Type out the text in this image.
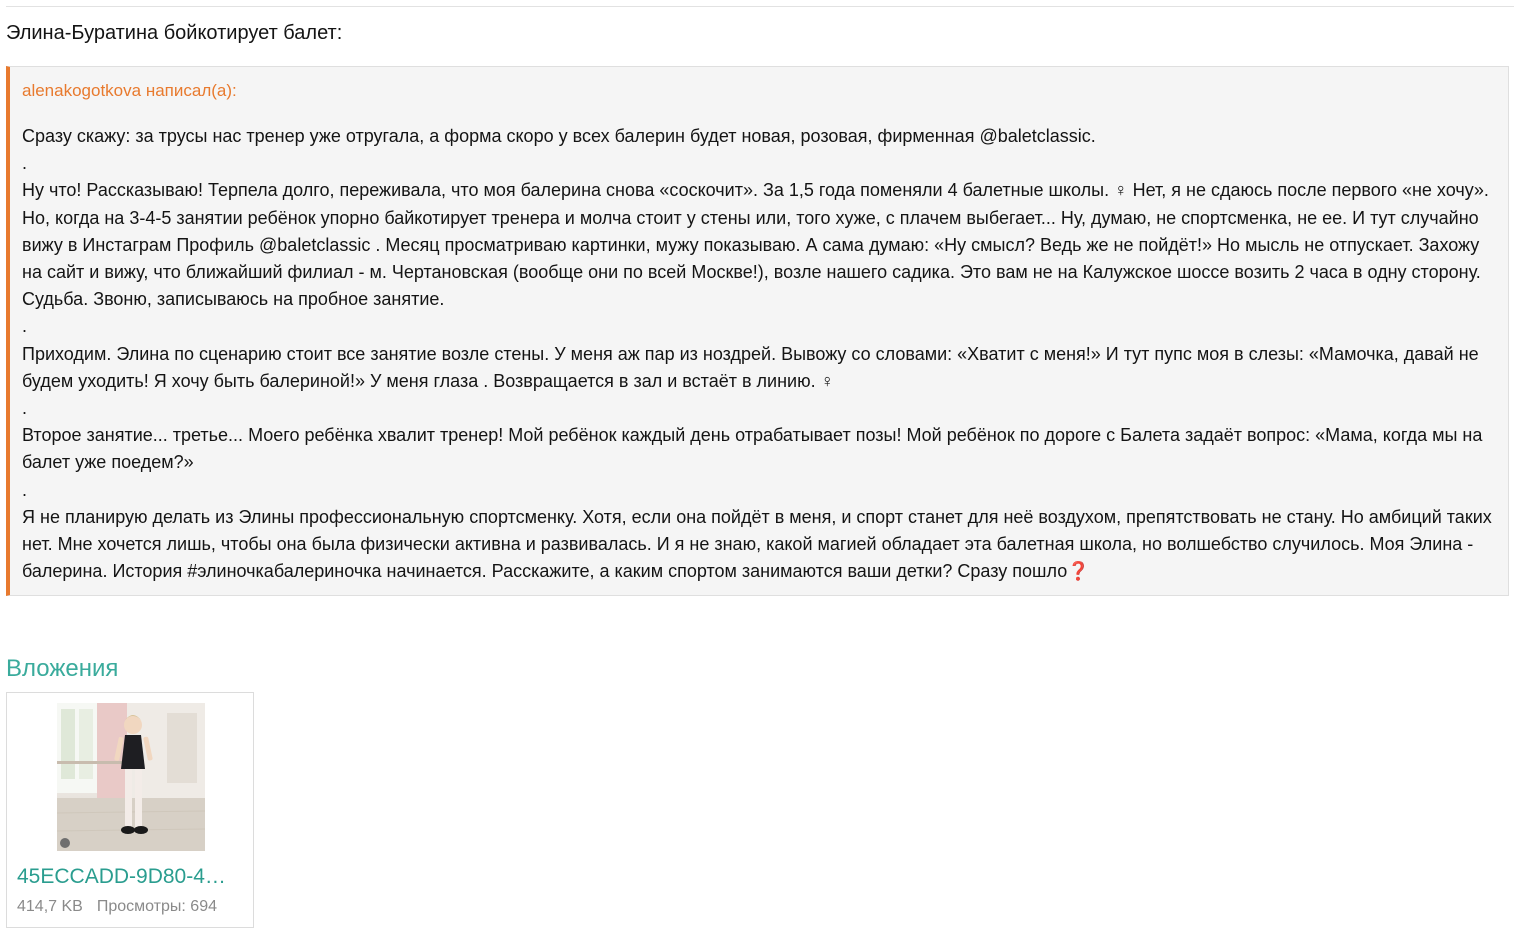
Элина-Буратина бойкотирует балет:
alenakogotkova написал(а):

Сразу скажу: за трусы нас тренер уже отругала, а форма скоро у всех балерин будет новая, розовая, фирменная @baletclassic.

.

Ну что! Рассказываю! Терпела долго, переживала, что моя балерина снова «соскочит». За 1,5 года поменяли 4 балетные школы. ♀ Нет, я не сдаюсь после первого «не хочу». Но, когда на 3-4-5 занятии ребёнок упорно байкотирует тренера и молча стоит у стены или, того хуже, с плачем выбегает... Ну, думаю, не спортсменка, не ее. И тут случайно вижу в Инстаграм Профиль @baletclassic . Месяц просматриваю картинки, мужу показываю. А сама думаю: «Ну смысл? Ведь же не пойдёт!» Но мысль не отпускает. Захожу на сайт и вижу, что ближайший филиал - м. Чертановская (вообще они по всей Москве!), возле нашего садика. Это вам не на Калужское шоссе возить 2 часа в одну сторону. Судьба. Звоню, записываюсь на пробное занятие.

.

Приходим. Элина по сценарию стоит все занятие возле стены. У меня аж пар из ноздрей. Вывожу со словами: «Хватит с меня!» И тут пупс моя в слезы: «Мамочка, давай не будем уходить! Я хочу быть балериной!» У меня глаза . Возвращается в зал и встаёт в линию. ♀

.

Второе занятие... третье... Моего ребёнка хвалит тренер! Мой ребёнок каждый день отрабатывает позы! Мой ребёнок по дороге с Балета задаёт вопрос: «Мама, когда мы на балет уже поедем?»

.

Я не планирую делать из Элины профессиональную спортсменку. Хотя, если она пойдёт в меня, и спорт станет для неё воздухом, препятствовать не стану. Но амбиций таких нет. Мне хочется лишь, чтобы она была физически активна и развивалась. И я не знаю, какой магией обладает эта балетная школа, но волшебство случилось. Моя Элина - балерина. История #элиночкабалериночка начинается. Расскажите, а каким спортом занимаются ваши детки? Сразу пошло❓

Вложения
45ECCADD-9D80-4…
414,7 KB Просмотры: 694
